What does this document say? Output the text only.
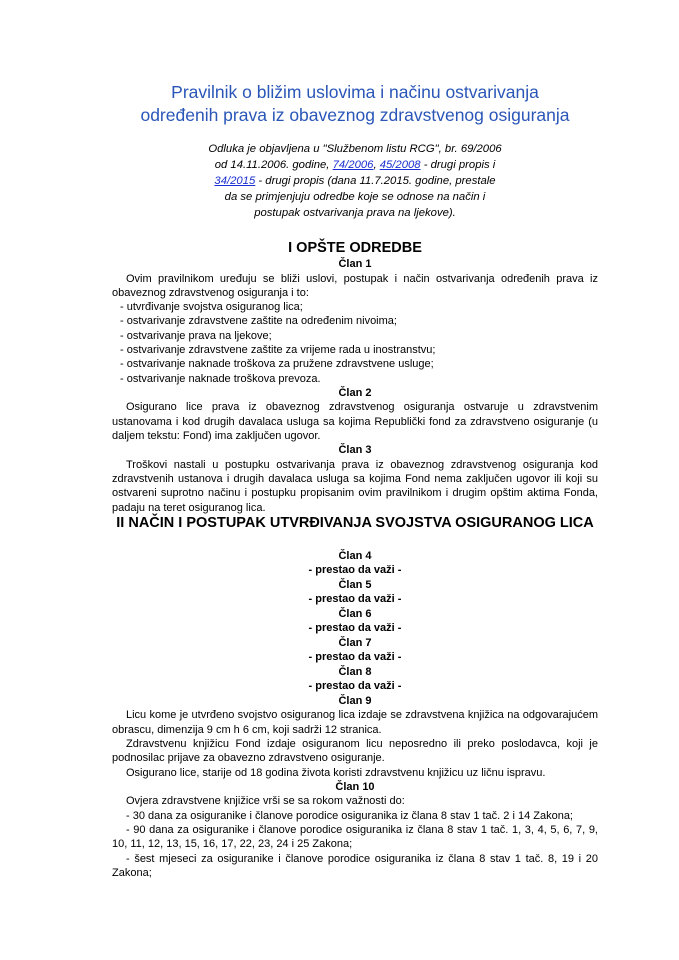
Pravilnik o bližim uslovima i načinu ostvarivanja
određenih prava iz obaveznog zdravstvenog osiguranja
Odluka je objavljena u "Službenom listu RCG", br. 69/2006
od 14.11.2006. godine, 74/2006, 45/2008 - drugi propis i
34/2015 - drugi propis (dana 11.7.2015. godine, prestale
da se primjenjuju odredbe koje se odnose na način i
postupak ostvarivanja prava na ljekove).
I OPŠTE ODREDBE
Član 1
Ovim pravilnikom uređuju se bliži uslovi, postupak i način ostvarivanja određenih prava iz obaveznog zdravstvenog osiguranja i to:
- utvrđivanje svojstva osiguranog lica;
- ostvarivanje zdravstvene zaštite na određenim nivoima;
- ostvarivanje prava na ljekove;
- ostvarivanje zdravstvene zaštite za vrijeme rada u inostranstvu;
- ostvarivanje naknade troškova za pružene zdravstvene usluge;
- ostvarivanje naknade troškova prevoza.
Član 2
Osigurano lice prava iz obaveznog zdravstvenog osiguranja ostvaruje u zdravstvenim ustanovama i kod drugih davalaca usluga sa kojima Republički fond za zdravstveno osiguranje (u daljem tekstu: Fond) ima zaključen ugovor.
Član 3
Troškovi nastali u postupku ostvarivanja prava iz obaveznog zdravstvenog osiguranja kod zdravstvenih ustanova i drugih davalaca usluga sa kojima Fond nema zaključen ugovor ili koji su ostvareni suprotno načinu i postupku propisanim ovim pravilnikom i drugim opštim aktima Fonda, padaju na teret osiguranog lica.
II NAČIN I POSTUPAK UTVRĐIVANJA SVOJSTVA OSIGURANOG LICA
Član 4
- prestao da važi -
Član 5
- prestao da važi -
Član 6
- prestao da važi -
Član 7
- prestao da važi -
Član 8
- prestao da važi -
Član 9
Licu kome je utvrđeno svojstvo osiguranog lica izdaje se zdravstvena knjižica na odgovarajućem obrascu, dimenzija 9 cm h 6 cm, koji sadrži 12 stranica.
Zdravstvenu knjižicu Fond izdaje osiguranom licu neposredno ili preko poslodavca, koji je podnosilac prijave za obavezno zdravstveno osiguranje.
Osigurano lice, starije od 18 godina života koristi zdravstvenu knjižicu uz ličnu ispravu.
Član 10
Ovjera zdravstvene knjižice vrši se sa rokom važnosti do:
- 30 dana za osiguranike i članove porodice osiguranika iz člana 8 stav 1 tač. 2 i 14 Zakona;
- 90 dana za osiguranike i članove porodice osiguranika iz člana 8 stav 1 tač. 1, 3, 4, 5, 6, 7, 9, 10, 11, 12, 13, 15, 16, 17, 22, 23, 24 i 25 Zakona;
- šest mjeseci za osiguranike i članove porodice osiguranika iz člana 8 stav 1 tač. 8, 19 i 20 Zakona;
